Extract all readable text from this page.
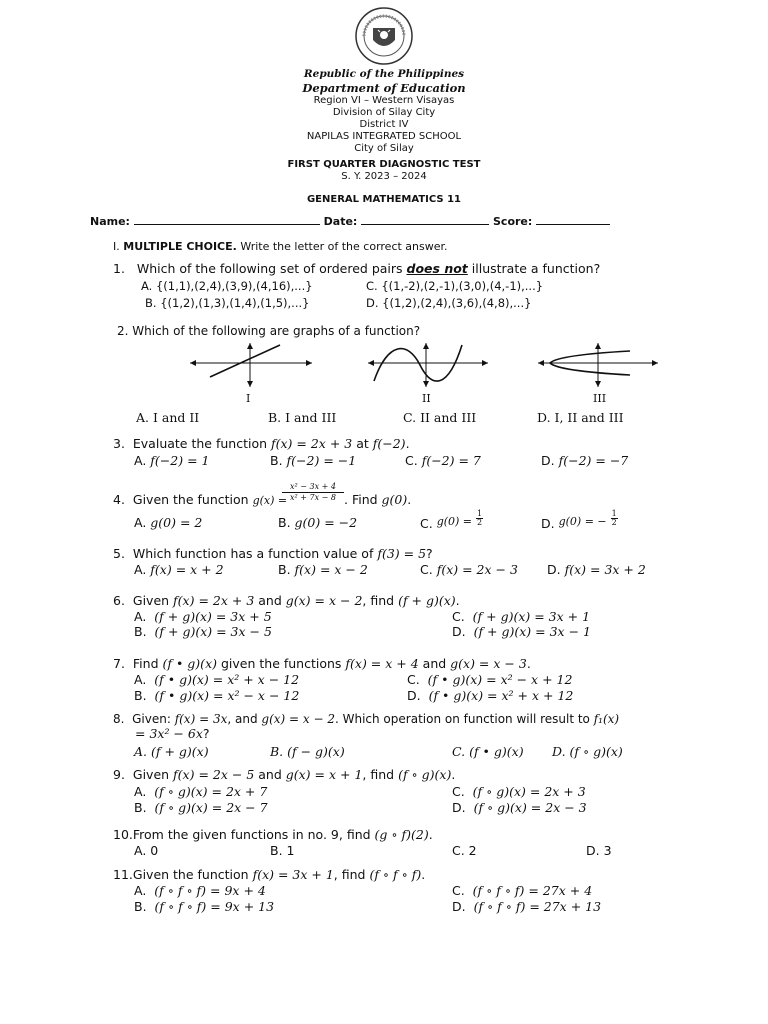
Republic of the Philippines
Department of Education
Region VI – Western Visayas
Division of Silay City
District IV
NAPILAS INTEGRATED SCHOOL
City of Silay
FIRST QUARTER DIAGNOSTIC TEST
S. Y. 2023 – 2024
GENERAL MATHEMATICS 11
Name:	Date:	Score:
I. MULTIPLE CHOICE. Write the letter of the correct answer.
1. Which of the following set of ordered pairs does not illustrate a function?
A. {(1,1),(2,4),(3,9),(4,16),...}
B. {(1,2),(1,3),(1,4),(1,5),...}
C. {(1,-2),(2,-1),(3,0),(4,-1),...}
D. {(1,2),(2,4),(3,6),(4,8),...}
2. Which of the following are graphs of a function?
I	II	III
A. I and II	B. I and III	C. II and III	D. I, II and III
3. Evaluate the function f(x) = 2x + 3 at f(−2).
A. f(−2) = 1	B. f(−2) = −1	C. f(−2) = 7	D. f(−2) = −7
4. Given the function g(x) =
$\frac{\text{x² − 3x + 4}}{\text{x² + 7x − 8}}$ . Find g(0).
A. g(0) = 2	B. g(0) = −2	C. $g(0) = \frac{1}{2}$	D. g(0) = − $\frac{1}{2}$
5. Which function has a function value of f(3) = 5?
A. f(x) = x + 2	B. f(x) = x − 2	C. f(x) = 2x − 3 D. f(x) = 3x + 2
6. Given f(x) = 2x + 3 and g(x) = x − 2, find (f + g)(x).
A. (f + g)(x) = 3x + 5
B. (f + g)(x) = 3x − 5
C. (f + g)(x) = 3x + 1
D. (f + g)(x) = 3x − 1
7. Find (f • g)(x) given the functions f(x) = x + 4 and g(x) = x − 3.
A. (f • g)(x) = x² + x − 12
B. (f • g)(x) = x² − x − 12
C. (f • g)(x) = x² − x + 12
D. (f • g)(x) = x² + x + 12
8. Given: f(x) = 3x, and g(x) = x − 2. Which operation on function will result to f₁(x)
= 3x² − 6x?
A. (f + g)(x)	B. (f − g)(x)	C. (f • g)(x) D. (f ∘ g)(x)
9. Given f(x) = 2x − 5 and g(x) = x + 1, find (f ∘ g)(x).
A. (f ∘ g)(x) = 2x + 7
B. (f ∘ g)(x) = 2x − 7
C. (f ∘ g)(x) = 2x + 3
D. (f ∘ g)(x) = 2x − 3
10.From the given functions in no. 9, find (g ∘ f)(2).
A. 0	B. 1	C. 2	D. 3
11.Given the function f(x) = 3x + 1, find (f ∘ f ∘ f).
A. (f ∘ f ∘ f) = 9x + 4
B. (f ∘ f ∘ f) = 9x + 13
C. (f ∘ f ∘ f) = 27x + 4
D. (f ∘ f ∘ f) = 27x + 13
